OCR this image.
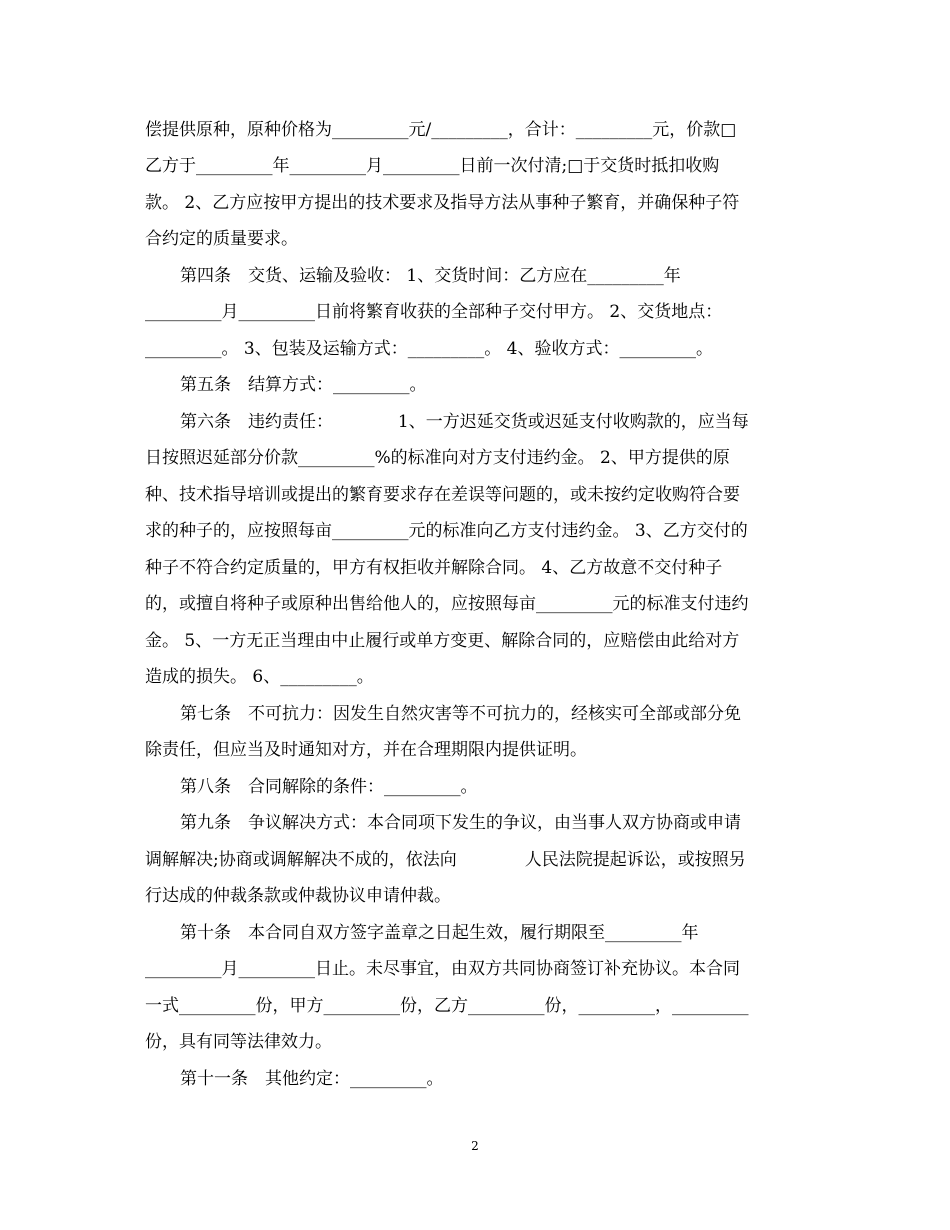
偿提供原种，原种价格为_________元/_________，合计：_________元，价款□
乙方于_________年_________月_________日前一次付清;□于交货时抵扣收购
款。 2、乙方应按甲方提出的技术要求及指导方法从事种子繁育，并确保种子符
合约定的质量要求。
第四条　交货、运输及验收： 1、交货时间：乙方应在_________年
_________月_________日前将繁育收获的全部种子交付甲方。 2、交货地点：
_________。 3、包装及运输方式：_________。 4、验收方式：_________。
第五条　结算方式：_________。
第六条　违约责任：　　　　 1、一方迟延交货或迟延支付收购款的，应当每
日按照迟延部分价款_________%的标准向对方支付违约金。 2、甲方提供的原
种、技术指导培训或提出的繁育要求存在差误等问题的，或未按约定收购符合要
求的种子的，应按照每亩_________元的标准向乙方支付违约金。 3、乙方交付的
种子不符合约定质量的，甲方有权拒收并解除合同。 4、乙方故意不交付种子
的，或擅自将种子或原种出售给他人的，应按照每亩_________元的标准支付违约
金。 5、一方无正当理由中止履行或单方变更、解除合同的，应赔偿由此给对方
造成的损失。 6、_________。
第七条　不可抗力：因发生自然灾害等不可抗力的，经核实可全部或部分免
除责任，但应当及时通知对方，并在合理期限内提供证明。
第八条　合同解除的条件：_________。
第九条　争议解决方式：本合同项下发生的争议，由当事人双方协商或申请
调解解决;协商或调解解决不成的，依法向　　　　人民法院提起诉讼，或按照另
行达成的仲裁条款或仲裁协议申请仲裁。
第十条　本合同自双方签字盖章之日起生效，履行期限至_________年
_________月_________日止。未尽事宜，由双方共同协商签订补充协议。本合同
一式_________份，甲方_________份，乙方_________份，_________，_________
份，具有同等法律效力。
第十一条　其他约定：_________。
2
